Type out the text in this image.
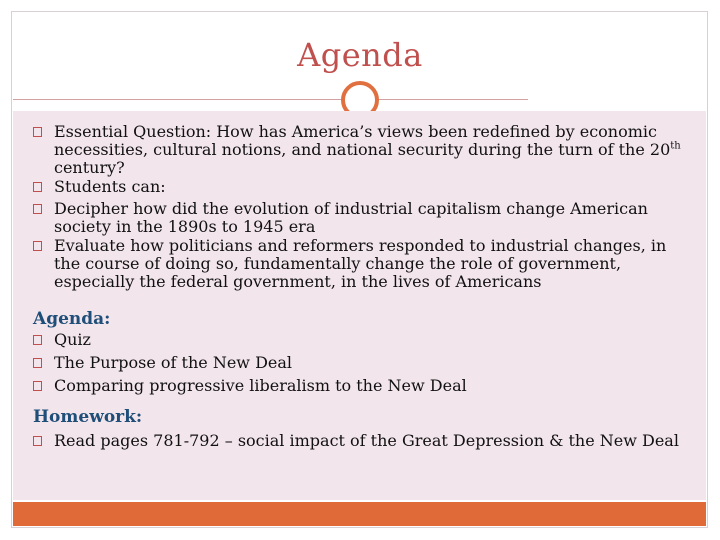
Agenda
Essential Question: How has America’s views been redefined by economic necessities, cultural notions, and national security during the turn of the 20th century?
Students can:
Decipher how did the evolution of industrial capitalism change American society in the 1890s to 1945 era
Evaluate how politicians and reformers responded to industrial changes, in the course of doing so, fundamentally change the role of government, especially the federal government, in the lives of Americans
Agenda:
Quiz
The Purpose of the New Deal
Comparing progressive liberalism to the New Deal
Homework:
Read pages 781-792 – social impact of the Great Depression & the New Deal
